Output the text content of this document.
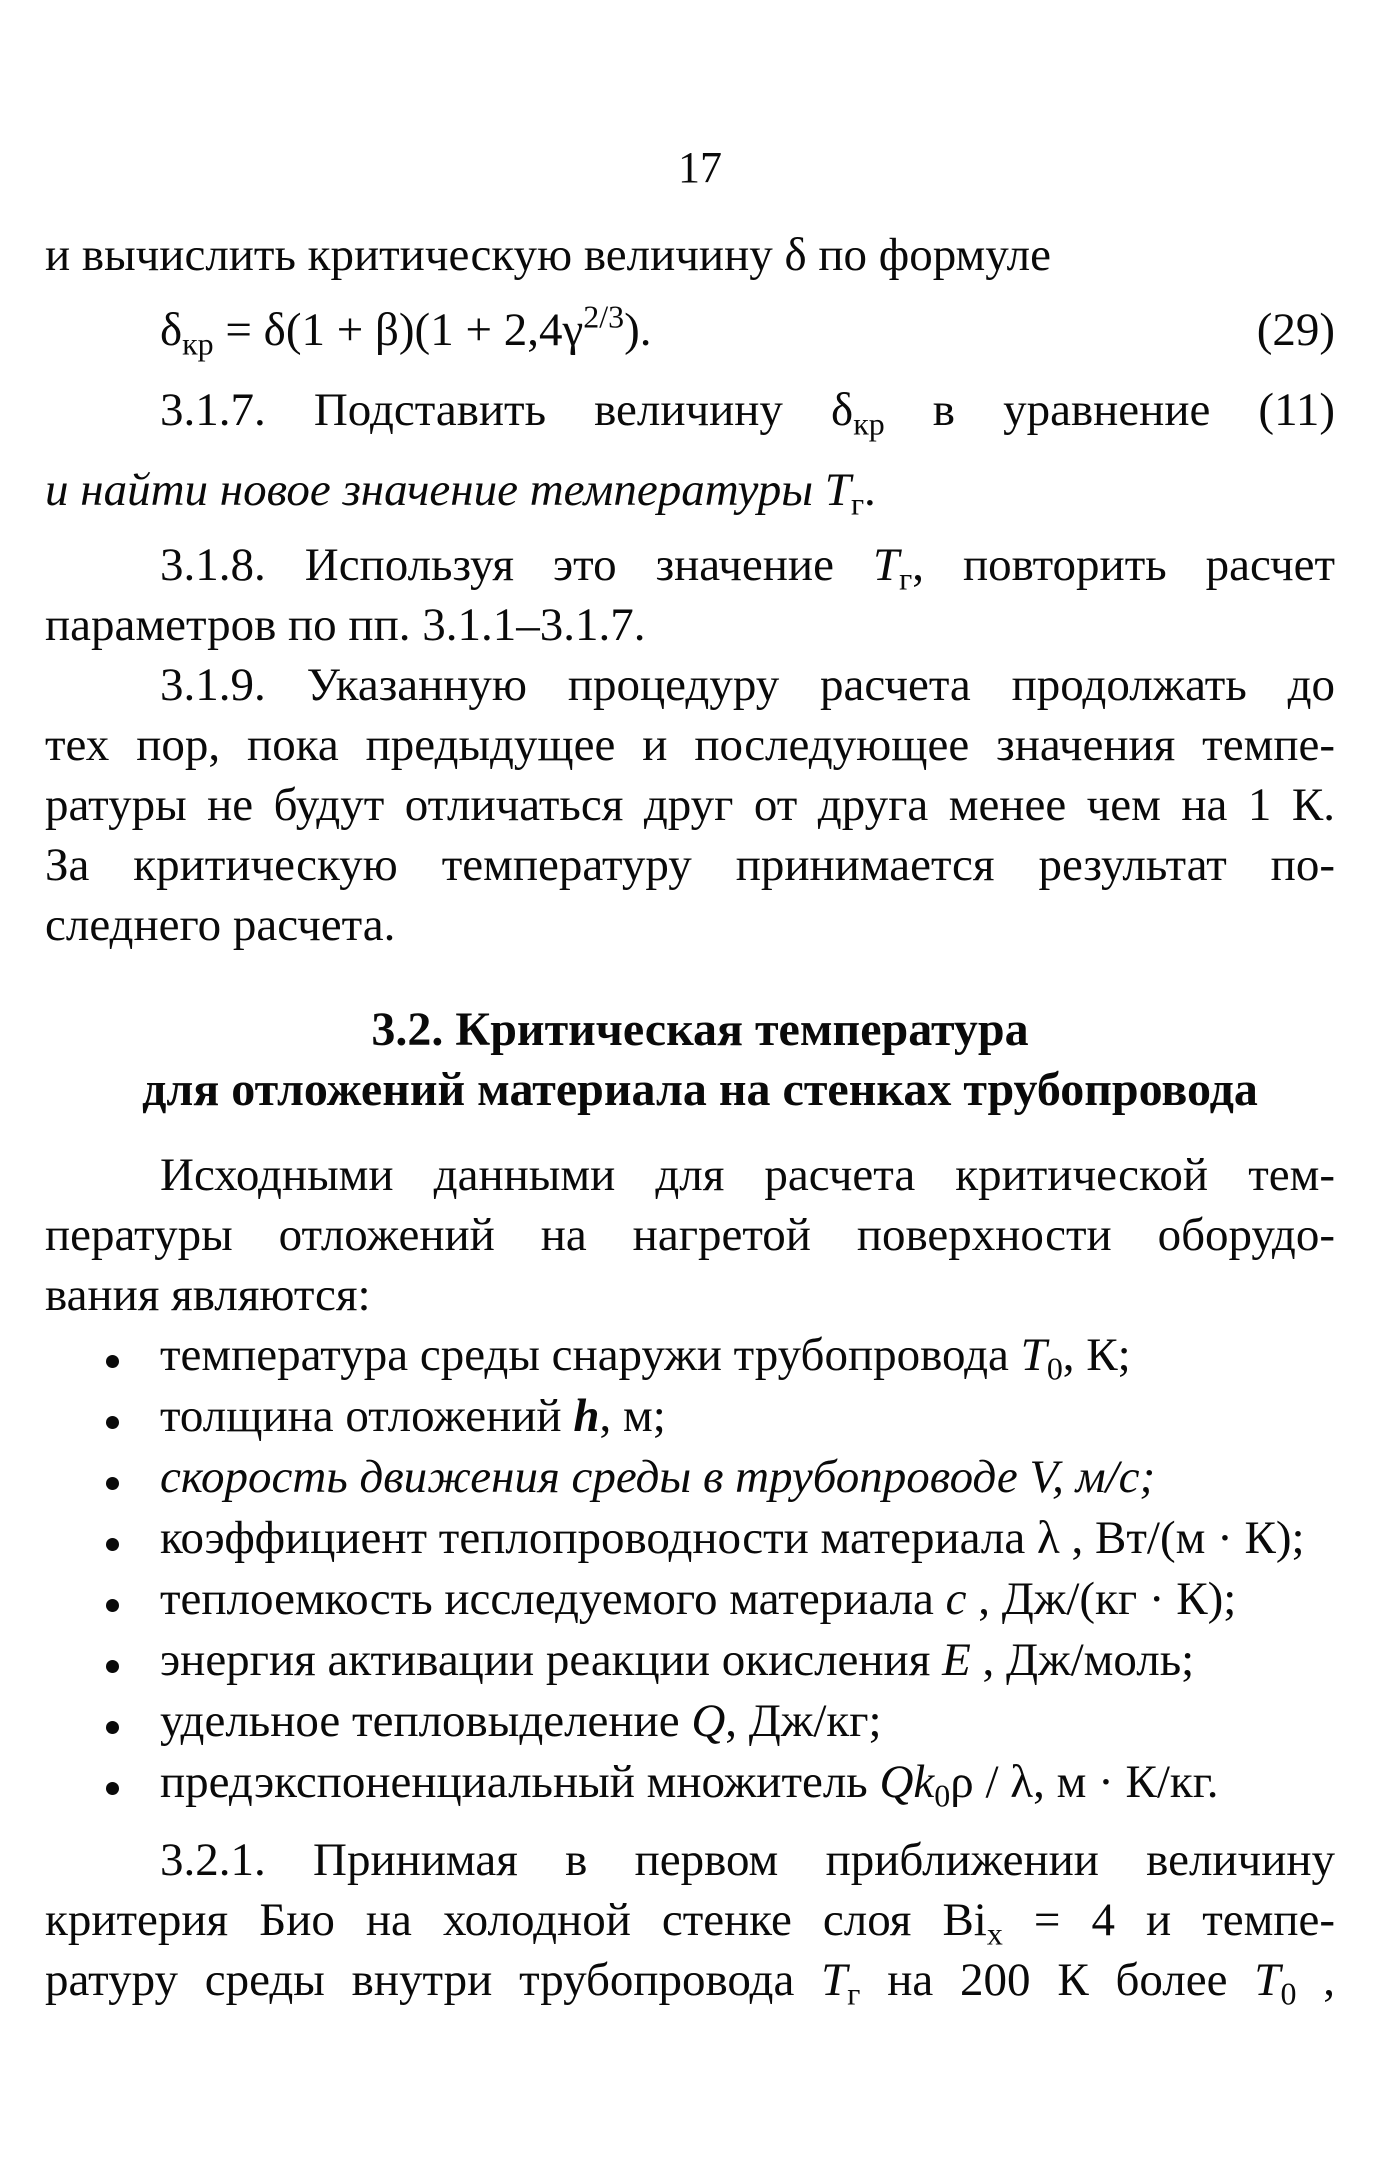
17
и вычислить критическую величину δ по формуле
$\delta_{кр} = \delta(1 + \beta)(1 + 2,4\gamma^{2/3})$.	(29)
3.1.7. Подставить величину $\delta_{кр}$ в уравнение (11)
и найти новое значение температуры $T_г$.
3.1.8. Используя это значение $T_г$, повторить расчет
параметров по пп. 3.1.1–3.1.7.
3.1.9. Указанную процедуру расчета продолжать до
тех пор, пока предыдущее и последующее значения темпе-
ратуры не будут отличаться друг от друга менее чем на 1 К.
За критическую температуру принимается результат по-
следнего расчета.
3.2. Критическая температура
для отложений материала на стенках трубопровода
Исходными данными для расчета критической тем-
пературы отложений на нагретой поверхности оборудо-
вания являются:
температура среды снаружи трубопровода $T_0$, К;
толщина отложений h, м;
скорость движения среды в трубопроводе V, м/с;
коэффициент теплопроводности материала λ , Вт/(м · К);
теплоемкость исследуемого материала c , Дж/(кг · К);
энергия активации реакции окисления E , Дж/моль;
удельное тепловыделение Q, Дж/кг;
предэкспоненциальный множитель $Qk_0\rho$ / λ, м · К/кг.
3.2.1. Принимая в первом приближении величину
критерия Био на холодной стенке слоя $Bi_х = 4$ и темпе-
ратуру среды внутри трубопровода $T_г$ на 200 К более $T_0$ ,
